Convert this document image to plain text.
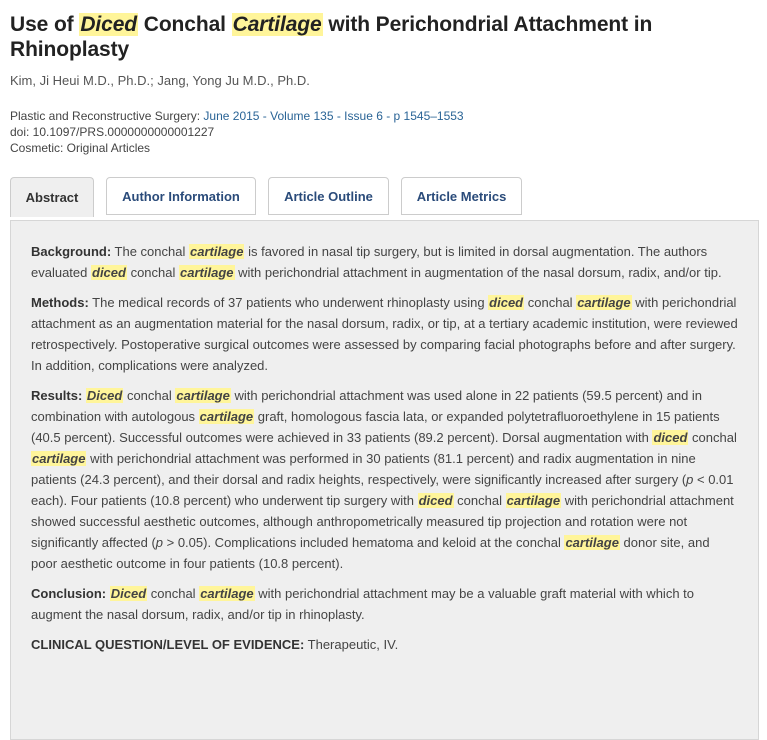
Use of Diced Conchal Cartilage with Perichondrial Attachment in Rhinoplasty
Kim, Ji Heui M.D., Ph.D.; Jang, Yong Ju M.D., Ph.D.
Plastic and Reconstructive Surgery: June 2015 - Volume 135 - Issue 6 - p 1545–1553
doi: 10.1097/PRS.0000000000001227
Cosmetic: Original Articles
Abstract	Author Information	Article Outline	Article Metrics

Background: The conchal cartilage is favored in nasal tip surgery, but is limited in dorsal augmentation. The authors evaluated diced conchal cartilage with perichondrial attachment in augmentation of the nasal dorsum, radix, and/or tip.

Methods: The medical records of 37 patients who underwent rhinoplasty using diced conchal cartilage with perichondrial attachment as an augmentation material for the nasal dorsum, radix, or tip, at a tertiary academic institution, were reviewed retrospectively. Postoperative surgical outcomes were assessed by comparing facial photographs before and after surgery. In addition, complications were analyzed.

Results: Diced conchal cartilage with perichondrial attachment was used alone in 22 patients (59.5 percent) and in combination with autologous cartilage graft, homologous fascia lata, or expanded polytetrafluoroethylene in 15 patients (40.5 percent). Successful outcomes were achieved in 33 patients (89.2 percent). Dorsal augmentation with diced conchal cartilage with perichondrial attachment was performed in 30 patients (81.1 percent) and radix augmentation in nine patients (24.3 percent), and their dorsal and radix heights, respectively, were significantly increased after surgery (p < 0.01 each). Four patients (10.8 percent) who underwent tip surgery with diced conchal cartilage with perichondrial attachment showed successful aesthetic outcomes, although anthropometrically measured tip projection and rotation were not significantly affected (p > 0.05). Complications included hematoma and keloid at the conchal cartilage donor site, and poor aesthetic outcome in four patients (10.8 percent).

Conclusion: Diced conchal cartilage with perichondrial attachment may be a valuable graft material with which to augment the nasal dorsum, radix, and/or tip in rhinoplasty.

CLINICAL QUESTION/LEVEL OF EVIDENCE: Therapeutic, IV.
